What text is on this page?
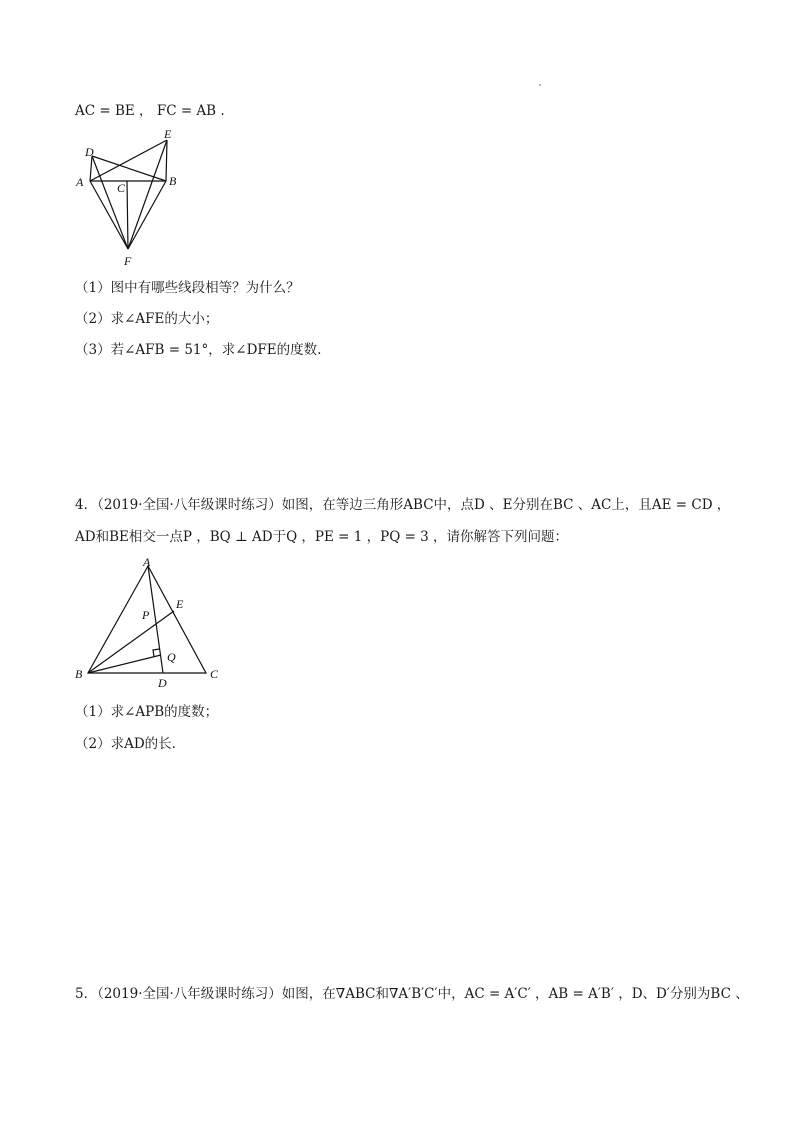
AC = BE ， FC = AB .
D
E
A	C	B
F
（1）图中有哪些线段相等？为什么？
（2）求∠AFE的大小；
（3）若∠AFB = 51°，求∠DFE的度数.
4．（2019·全国·八年级课时练习）如图，在等边三角形ABC中，点D 、E分别在BC 、AC上，且AE = CD ，
AD和BE相交一点P ，BQ ⊥ AD于Q ，PE = 1 ，PQ = 3 ，请你解答下列问题：
A
E
P
Q
B
D
C
（1）求∠APB的度数；
（2）求AD的长.
5．（2019·全国·八年级课时练习）如图，在∇ABC和∇A′B′C′中，AC = A′C′ ，AB = A′B′ ，D、D′分别为BC 、
